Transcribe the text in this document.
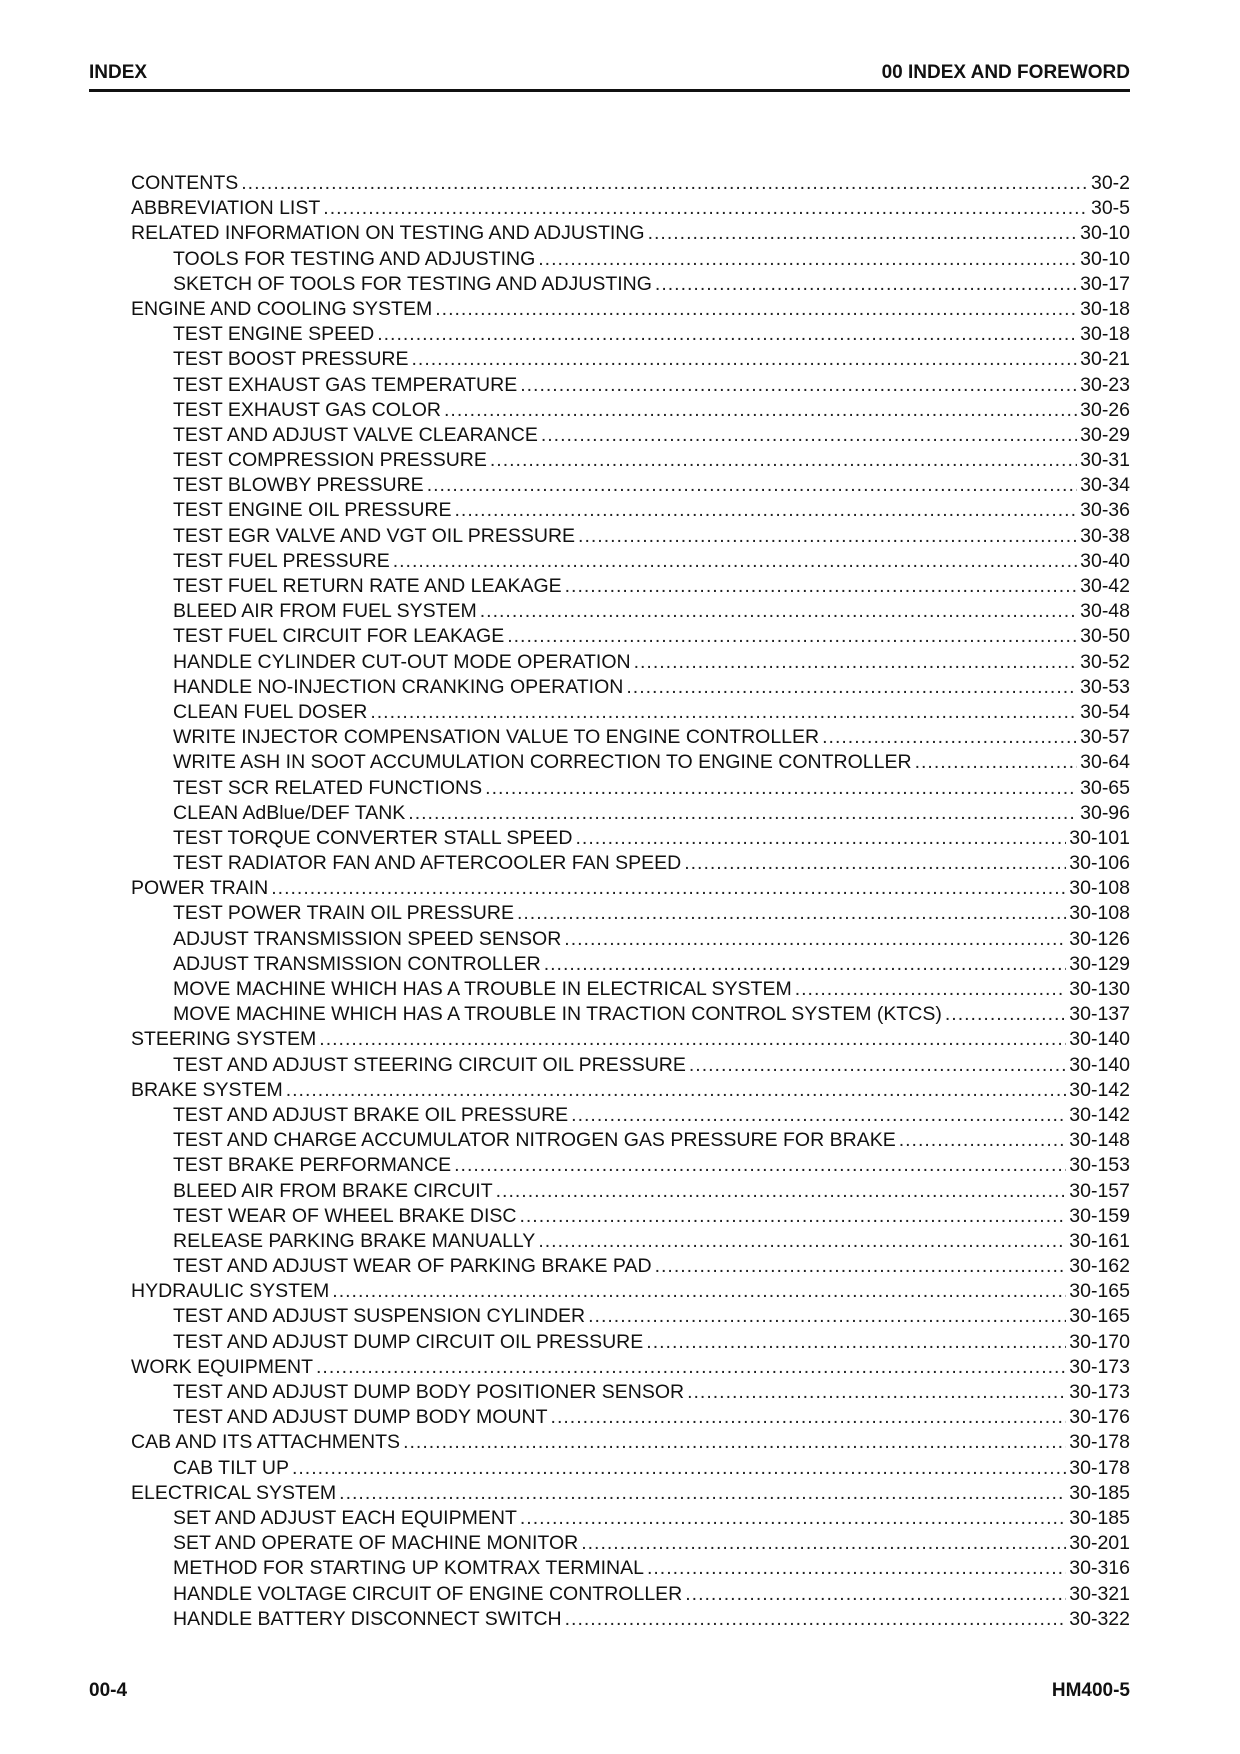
INDEX	00 INDEX AND FOREWORD
CONTENTS .....	30-2
ABBREVIATION LIST .....	30-5
RELATED INFORMATION ON TESTING AND ADJUSTING .....	30-10
TOOLS FOR TESTING AND ADJUSTING .....	30-10
SKETCH OF TOOLS FOR TESTING AND ADJUSTING .....	30-17
ENGINE AND COOLING SYSTEM .....	30-18
TEST ENGINE SPEED .....	30-18
TEST BOOST PRESSURE .....	30-21
TEST EXHAUST GAS TEMPERATURE .....	30-23
TEST EXHAUST GAS COLOR .....	30-26
TEST AND ADJUST VALVE CLEARANCE .....	30-29
TEST COMPRESSION PRESSURE .....	30-31
TEST BLOWBY PRESSURE .....	30-34
TEST ENGINE OIL PRESSURE .....	30-36
TEST EGR VALVE AND VGT OIL PRESSURE .....	30-38
TEST FUEL PRESSURE .....	30-40
TEST FUEL RETURN RATE AND LEAKAGE .....	30-42
BLEED AIR FROM FUEL SYSTEM .....	30-48
TEST FUEL CIRCUIT FOR LEAKAGE .....	30-50
HANDLE CYLINDER CUT-OUT MODE OPERATION .....	30-52
HANDLE NO-INJECTION CRANKING OPERATION .....	30-53
CLEAN FUEL DOSER .....	30-54
WRITE INJECTOR COMPENSATION VALUE TO ENGINE CONTROLLER .....	30-57
WRITE ASH IN SOOT ACCUMULATION CORRECTION TO ENGINE CONTROLLER .....	30-64
TEST SCR RELATED FUNCTIONS .....	30-65
CLEAN AdBlue/DEF TANK .....	30-96
TEST TORQUE CONVERTER STALL SPEED .....	30-101
TEST RADIATOR FAN AND AFTERCOOLER FAN SPEED .....	30-106
POWER TRAIN .....	30-108
TEST POWER TRAIN OIL PRESSURE .....	30-108
ADJUST TRANSMISSION SPEED SENSOR .....	30-126
ADJUST TRANSMISSION CONTROLLER .....	30-129
MOVE MACHINE WHICH HAS A TROUBLE IN ELECTRICAL SYSTEM .....	30-130
MOVE MACHINE WHICH HAS A TROUBLE IN TRACTION CONTROL SYSTEM (KTCS) .....	30-137
STEERING SYSTEM .....	30-140
TEST AND ADJUST STEERING CIRCUIT OIL PRESSURE .....	30-140
BRAKE SYSTEM .....	30-142
TEST AND ADJUST BRAKE OIL PRESSURE .....	30-142
TEST AND CHARGE ACCUMULATOR NITROGEN GAS PRESSURE FOR BRAKE .....	30-148
TEST BRAKE PERFORMANCE .....	30-153
BLEED AIR FROM BRAKE CIRCUIT .....	30-157
TEST WEAR OF WHEEL BRAKE DISC .....	30-159
RELEASE PARKING BRAKE MANUALLY .....	30-161
TEST AND ADJUST WEAR OF PARKING BRAKE PAD .....	30-162
HYDRAULIC SYSTEM .....	30-165
TEST AND ADJUST SUSPENSION CYLINDER .....	30-165
TEST AND ADJUST DUMP CIRCUIT OIL PRESSURE .....	30-170
WORK EQUIPMENT .....	30-173
TEST AND ADJUST DUMP BODY POSITIONER SENSOR .....	30-173
TEST AND ADJUST DUMP BODY MOUNT .....	30-176
CAB AND ITS ATTACHMENTS .....	30-178
CAB TILT UP .....	30-178
ELECTRICAL SYSTEM .....	30-185
SET AND ADJUST EACH EQUIPMENT .....	30-185
SET AND OPERATE OF MACHINE MONITOR .....	30-201
METHOD FOR STARTING UP KOMTRAX TERMINAL .....	30-316
HANDLE VOLTAGE CIRCUIT OF ENGINE CONTROLLER .....	30-321
HANDLE BATTERY DISCONNECT SWITCH .....	30-322
00-4	HM400-5
